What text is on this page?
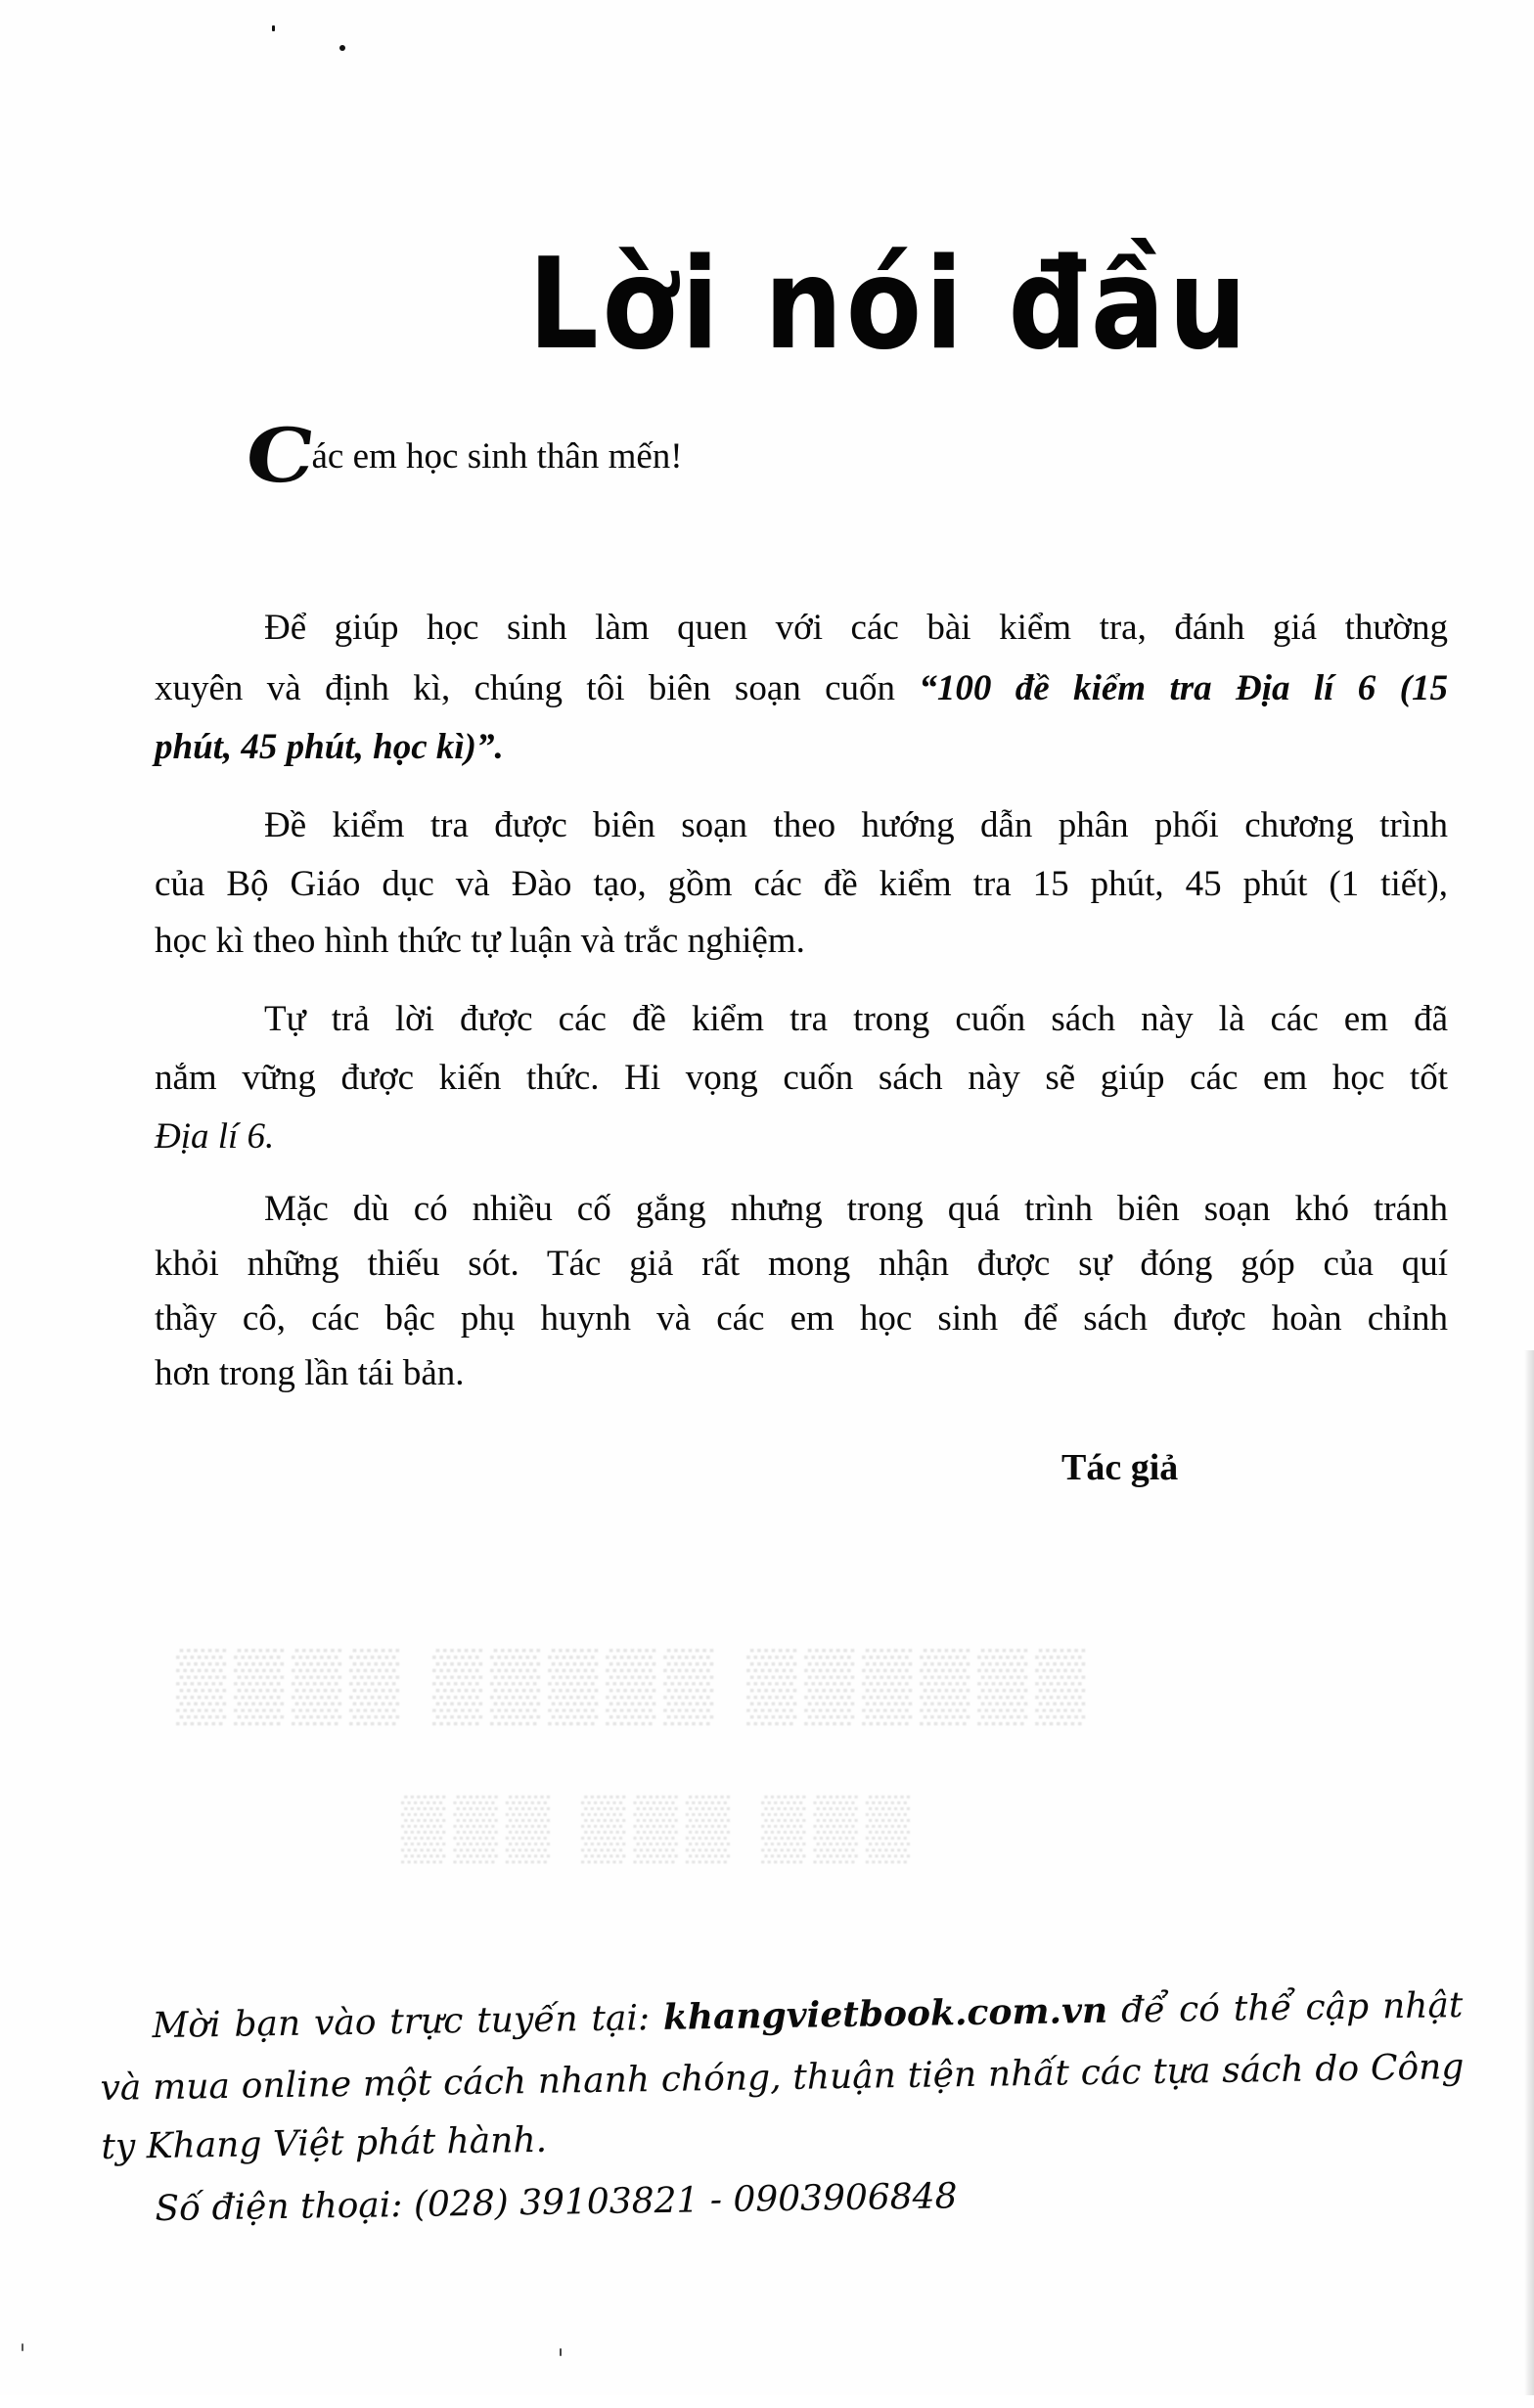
▒▒▒▒ ▒▒▒▒▒ ▒▒▒▒▒▒
▒▒▒ ▒▒▒ ▒▒▒
Lời nói đầu
Các em học sinh thân mến!
Để giúp học sinh làm quen với các bài kiểm tra, đánh giá thường
xuyên và định kì, chúng tôi biên soạn cuốn “100 đề kiểm tra Địa lí 6 (15
phút, 45 phút, học kì)”.
Đề kiểm tra được biên soạn theo hướng dẫn phân phối chương trình
của Bộ Giáo dục và Đào tạo, gồm các đề kiểm tra 15 phút, 45 phút (1 tiết),
học kì theo hình thức tự luận và trắc nghiệm.
Tự trả lời được các đề kiểm tra trong cuốn sách này là các em đã
nắm vững được kiến thức. Hi vọng cuốn sách này sẽ giúp các em học tốt
Địa lí 6.
Mặc dù có nhiều cố gắng nhưng trong quá trình biên soạn khó tránh
khỏi những thiếu sót. Tác giả rất mong nhận được sự đóng góp của quí
thầy cô, các bậc phụ huynh và các em học sinh để sách được hoàn chỉnh
hơn trong lần tái bản.
Tác giả
Mời bạn vào trực tuyến tại: khangvietbook.com.vn để có thể cập nhật
và mua online một cách nhanh chóng, thuận tiện nhất các tựa sách do Công
ty Khang Việt phát hành.
Số điện thoại: (028) 39103821 - 0903906848
